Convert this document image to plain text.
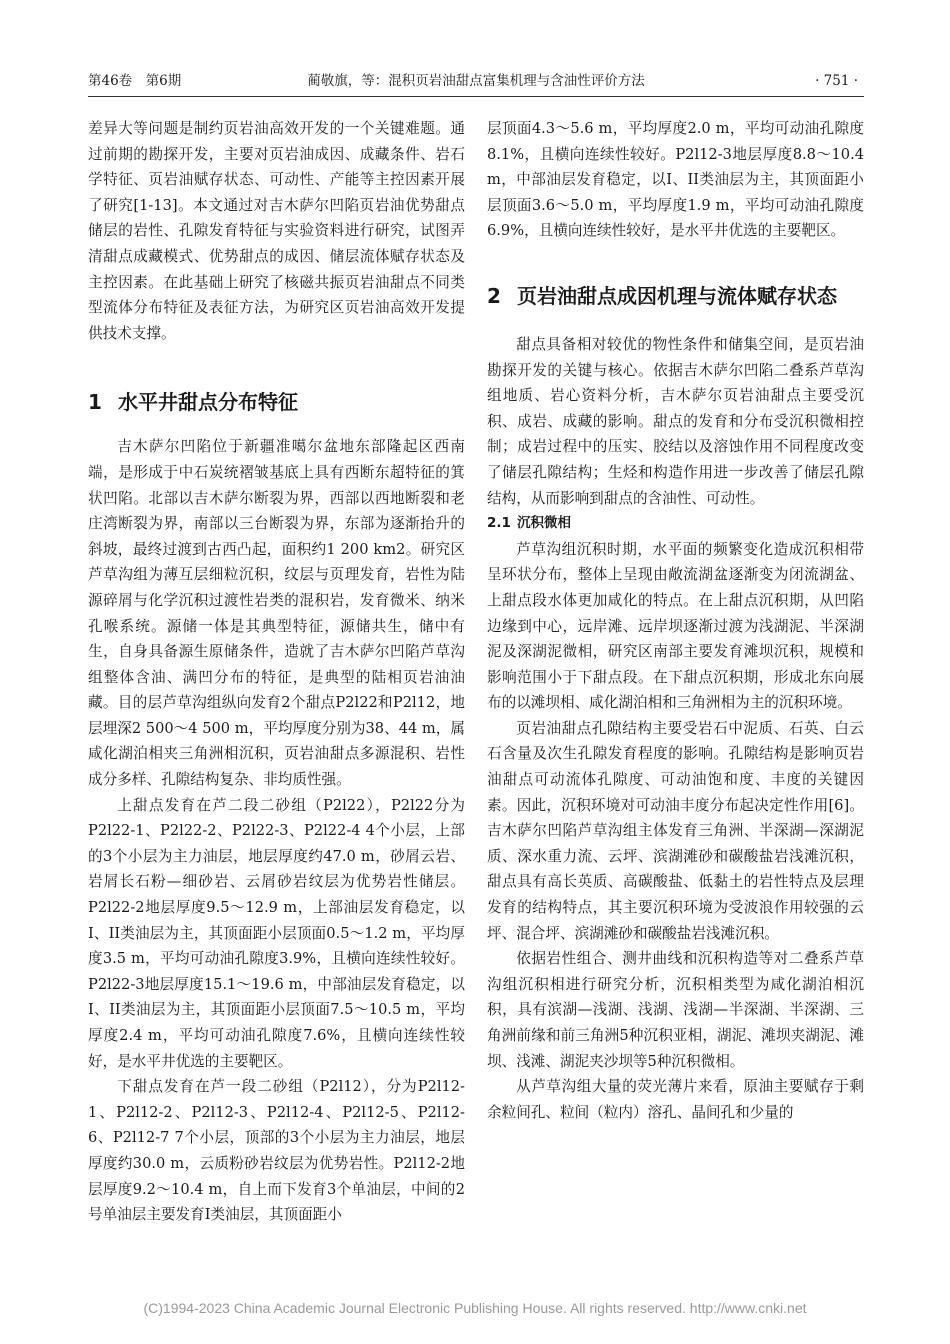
第46卷　第6期	蔺敬旗，等：混积页岩油甜点富集机理与含油性评价方法	· 751 ·

差异大等问题是制约页岩油高效开发的一个关键难题。通过前期的勘探开发，主要对页岩油成因、成藏条件、岩石学特征、页岩油赋存状态、可动性、产能等主控因素开展了研究[1-13]。本文通过对吉木萨尔凹陷页岩油优势甜点储层的岩性、孔隙发育特征与实验资料进行研究，试图弄清甜点成藏模式、优势甜点的成因、储层流体赋存状态及主控因素。在此基础上研究了核磁共振页岩油甜点不同类型流体分布特征及表征方法，为研究区页岩油高效开发提供技术支撑。

1 水平井甜点分布特征

吉木萨尔凹陷位于新疆准噶尔盆地东部隆起区西南端，是形成于中石炭统褶皱基底上具有西断东超特征的箕状凹陷。北部以吉木萨尔断裂为界，西部以西地断裂和老庄湾断裂为界，南部以三台断裂为界，东部为逐渐抬升的斜坡，最终过渡到古西凸起，面积约1 200 km2。研究区芦草沟组为薄互层细粒沉积，纹层与页理发育，岩性为陆源碎屑与化学沉积过渡性岩类的混积岩，发育微米、纳米孔喉系统。源储一体是其典型特征，源储共生，储中有生，自身具备源生原储条件，造就了吉木萨尔凹陷芦草沟组整体含油、满凹分布的特征，是典型的陆相页岩油油藏。目的层芦草沟组纵向发育2个甜点P2l22和P2l12，地层埋深2 500～4 500 m，平均厚度分别为38、44 m，属咸化湖泊相夹三角洲相沉积，页岩油甜点多源混积、岩性成分多样、孔隙结构复杂、非均质性强。

上甜点发育在芦二段二砂组（P2l22），P2l22分为P2l22-1、P2l22-2、P2l22-3、P2l22-4 4个小层，上部的3个小层为主力油层，地层厚度约47.0 m，砂屑云岩、岩屑长石粉—细砂岩、云屑砂岩纹层为优势岩性储层。P2l22-2地层厚度9.5～12.9 m，上部油层发育稳定，以I、II类油层为主，其顶面距小层顶面0.5～1.2 m，平均厚度3.5 m，平均可动油孔隙度3.9%，且横向连续性较好。P2l22-3地层厚度15.1～19.6 m，中部油层发育稳定，以I、II类油层为主，其顶面距小层顶面7.5～10.5 m，平均厚度2.4 m，平均可动油孔隙度7.6%，且横向连续性较好，是水平井优选的主要靶区。

下甜点发育在芦一段二砂组（P2l12），分为P2l12-1、P2l12-2、P2l12-3、P2l12-4、P2l12-5、P2l12-6、P2l12-7 7个小层，顶部的3个小层为主力油层，地层厚度约30.0 m，云质粉砂岩纹层为优势岩性。P2l12-2地层厚度9.2～10.4 m，自上而下发育3个单油层，中间的2号单油层主要发育I类油层，其顶面距小

层顶面4.3～5.6 m，平均厚度2.0 m，平均可动油孔隙度8.1%，且横向连续性较好。P2l12-3地层厚度8.8～10.4 m，中部油层发育稳定，以I、II类油层为主，其顶面距小层顶面3.6～5.0 m，平均厚度1.9 m，平均可动油孔隙度6.9%，且横向连续性较好，是水平井优选的主要靶区。

2 页岩油甜点成因机理与流体赋存状态

甜点具备相对较优的物性条件和储集空间，是页岩油勘探开发的关键与核心。依据吉木萨尔凹陷二叠系芦草沟组地质、岩心资料分析，吉木萨尔页岩油甜点主要受沉积、成岩、成藏的影响。甜点的发育和分布受沉积微相控制；成岩过程中的压实、胶结以及溶蚀作用不同程度改变了储层孔隙结构；生烃和构造作用进一步改善了储层孔隙结构，从而影响到甜点的含油性、可动性。

2.1 沉积微相

芦草沟组沉积时期，水平面的频繁变化造成沉积相带呈环状分布，整体上呈现由敞流湖盆逐渐变为闭流湖盆、上甜点段水体更加咸化的特点。在上甜点沉积期，从凹陷边缘到中心，远岸滩、远岸坝逐渐过渡为浅湖泥、半深湖泥及深湖泥微相，研究区南部主要发育滩坝沉积，规模和影响范围小于下甜点段。在下甜点沉积期，形成北东向展布的以滩坝相、咸化湖泊相和三角洲相为主的沉积环境。

页岩油甜点孔隙结构主要受岩石中泥质、石英、白云石含量及次生孔隙发育程度的影响。孔隙结构是影响页岩油甜点可动流体孔隙度、可动油饱和度、丰度的关键因素。因此，沉积环境对可动油丰度分布起决定性作用[6]。吉木萨尔凹陷芦草沟组主体发育三角洲、半深湖—深湖泥质、深水重力流、云坪、滨湖滩砂和碳酸盐岩浅滩沉积，甜点具有高长英质、高碳酸盐、低黏土的岩性特点及层理发育的结构特点，其主要沉积环境为受波浪作用较强的云坪、混合坪、滨湖滩砂和碳酸盐岩浅滩沉积。

依据岩性组合、测井曲线和沉积构造等对二叠系芦草沟组沉积相进行研究分析，沉积相类型为咸化湖泊相沉积，具有滨湖—浅湖、浅湖、浅湖—半深湖、半深湖、三角洲前缘和前三角洲5种沉积亚相，湖泥、滩坝夹湖泥、滩坝、浅滩、湖泥夹沙坝等5种沉积微相。

从芦草沟组大量的荧光薄片来看，原油主要赋存于剩余粒间孔、粒间（粒内）溶孔、晶间孔和少量的

(C)1994-2023 China Academic Journal Electronic Publishing House. All rights reserved. http://www.cnki.net
